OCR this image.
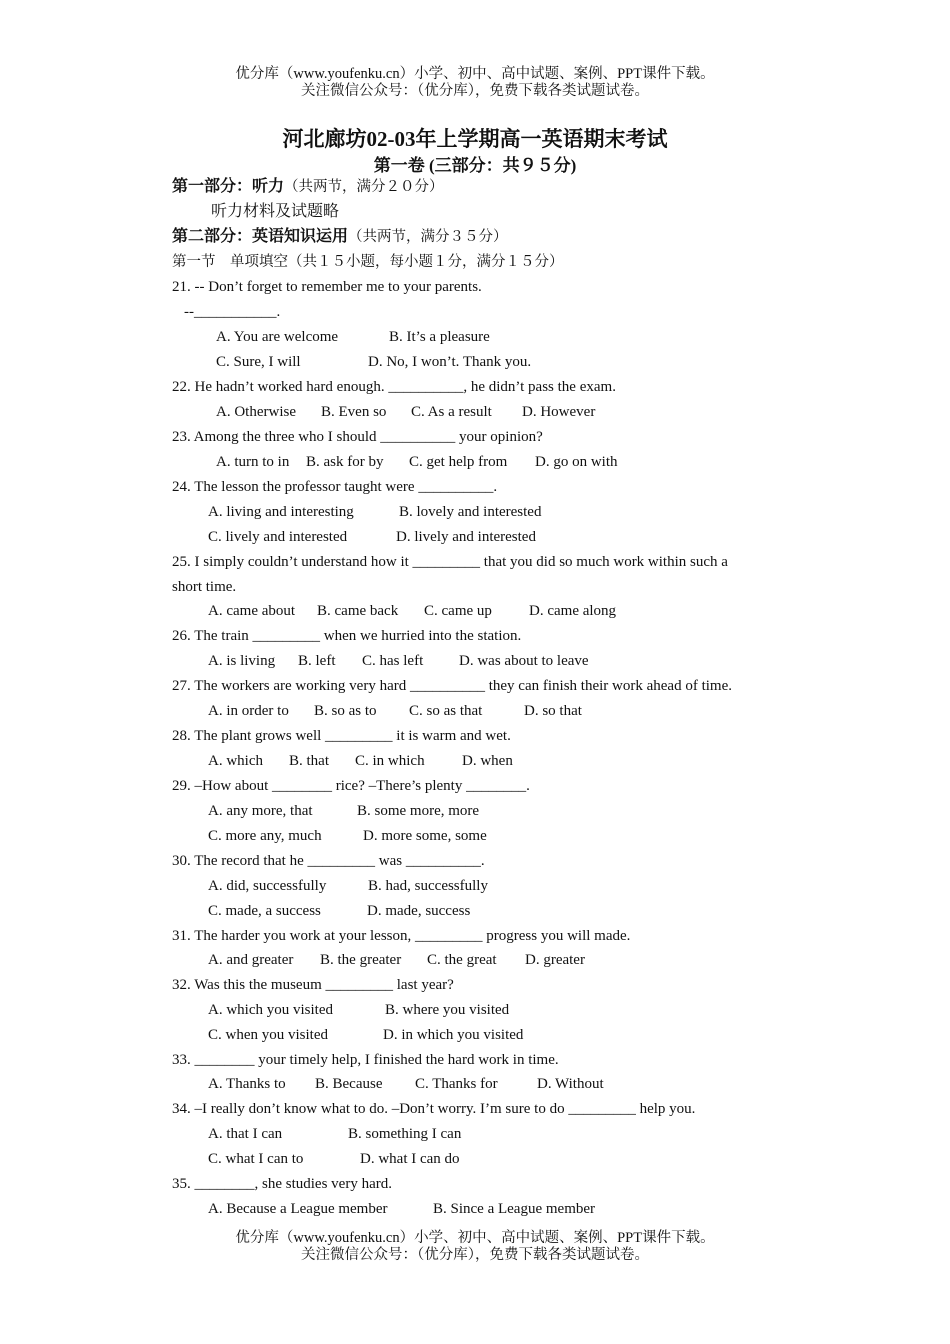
优分库（www.youfenku.cn）小学、初中、高中试题、案例、PPT课件下载。
关注微信公众号：（优分库），免费下载各类试题试卷。
河北廊坊02-03年上学期高一英语期末考试
第一卷 (三部分：共９５分)
第一部分：听力（共两节，满分２０分）
听力材料及试题略
第二部分：英语知识运用（共两节，满分３５分）
第一节　单项填空（共１５小题，每小题１分，满分１５分）
21. -- Don’t forget to remember me to your parents.
--___________.
A. You are welcome	B. It’s a pleasure
C. Sure, I will	D. No, I won’t. Thank you.
22. He hadn’t worked hard enough. __________, he didn’t pass the exam.
A. Otherwise B. Even so C. As a result D. However
23. Among the three who I should __________ your opinion?
A. turn to in B. ask for by C. get help from D. go on with
24. The lesson the professor taught were __________.
A. living and interesting	B. lovely and interested
C. lively and interested	D. lively and interested
25. I simply couldn’t understand how it _________ that you did so much work within such a
short time.
A. came about B. came back C. came up D. came along
26. The train _________ when we hurried into the station.
A. is living B. left C. has left D. was about to leave
27. The workers are working very hard __________ they can finish their work ahead of time.
A. in order to B. so as to C. so as that	D. so that
28. The plant grows well _________ it is warm and wet.
A. which B. that C. in which D. when
29. –How about ________ rice? –There’s plenty ________.
A. any more, that	B. some more, more
C. more any, much	D. more some, some
30. The record that he _________ was __________.
A. did, successfully	B. had, successfully
C. made, a success	D. made, success
31. The harder you work at your lesson, _________ progress you will made.
A. and greater B. the greater C. the great D. greater
32. Was this the museum _________ last year?
A. which you visited	B. where you visited
C. when you visited	D. in which you visited
33. ________ your timely help, I finished the hard work in time.
A. Thanks to B. Because C. Thanks for	D. Without
34. –I really don’t know what to do. –Don’t worry. I’m sure to do _________ help you.
A. that I can	B. something I can
C. what I can to	D. what I can do
35. ________, she studies very hard.
A. Because a League member	B. Since a League member
优分库（www.youfenku.cn）小学、初中、高中试题、案例、PPT课件下载。
关注微信公众号：（优分库），免费下载各类试题试卷。
